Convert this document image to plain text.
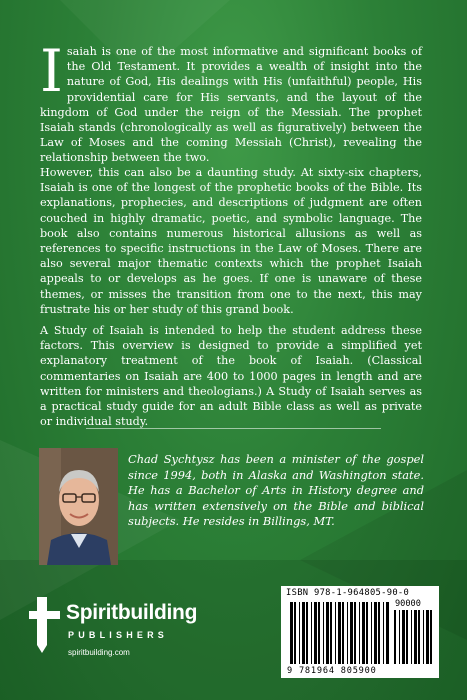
Isaiah is one of the most informative and significant books of the Old Testament. It provides a wealth of insight into the nature of God, His dealings with His (unfaithful) people, His providential care for His servants, and the layout of the kingdom of God under the reign of the Messiah. The prophet Isaiah stands (chronologically as well as figuratively) between the Law of Moses and the coming Messiah (Christ), revealing the relationship between the two.

However, this can also be a daunting study. At sixty-six chapters, Isaiah is one of the longest of the prophetic books of the Bible. Its explanations, prophecies, and descriptions of judgment are often couched in highly dramatic, poetic, and symbolic language. The book also contains numerous historical allusions as well as references to specific instructions in the Law of Moses. There are also several major thematic contexts which the prophet Isaiah appeals to or develops as he goes. If one is unaware of these themes, or misses the transition from one to the next, this may frustrate his or her study of this grand book.

A Study of Isaiah is intended to help the student address these factors. This overview is designed to provide a simplified yet explanatory treatment of the book of Isaiah. (Classical commentaries on Isaiah are 400 to 1000 pages in length and are written for ministers and theologians.) A Study of Isaiah serves as a practical study guide for an adult Bible class as well as private or individual study.

Chad Sychtysz has been a minister of the gospel since 1994, both in Alaska and Washington state. He has a Bachelor of Arts in History degree and has written extensively on the Bible and biblical subjects. He resides in Billings, MT.

Spiritbuilding
PUBLISHERS
spiritbuilding.com
ISBN 978-1-964805-90-0
90000
9 781964 805900
